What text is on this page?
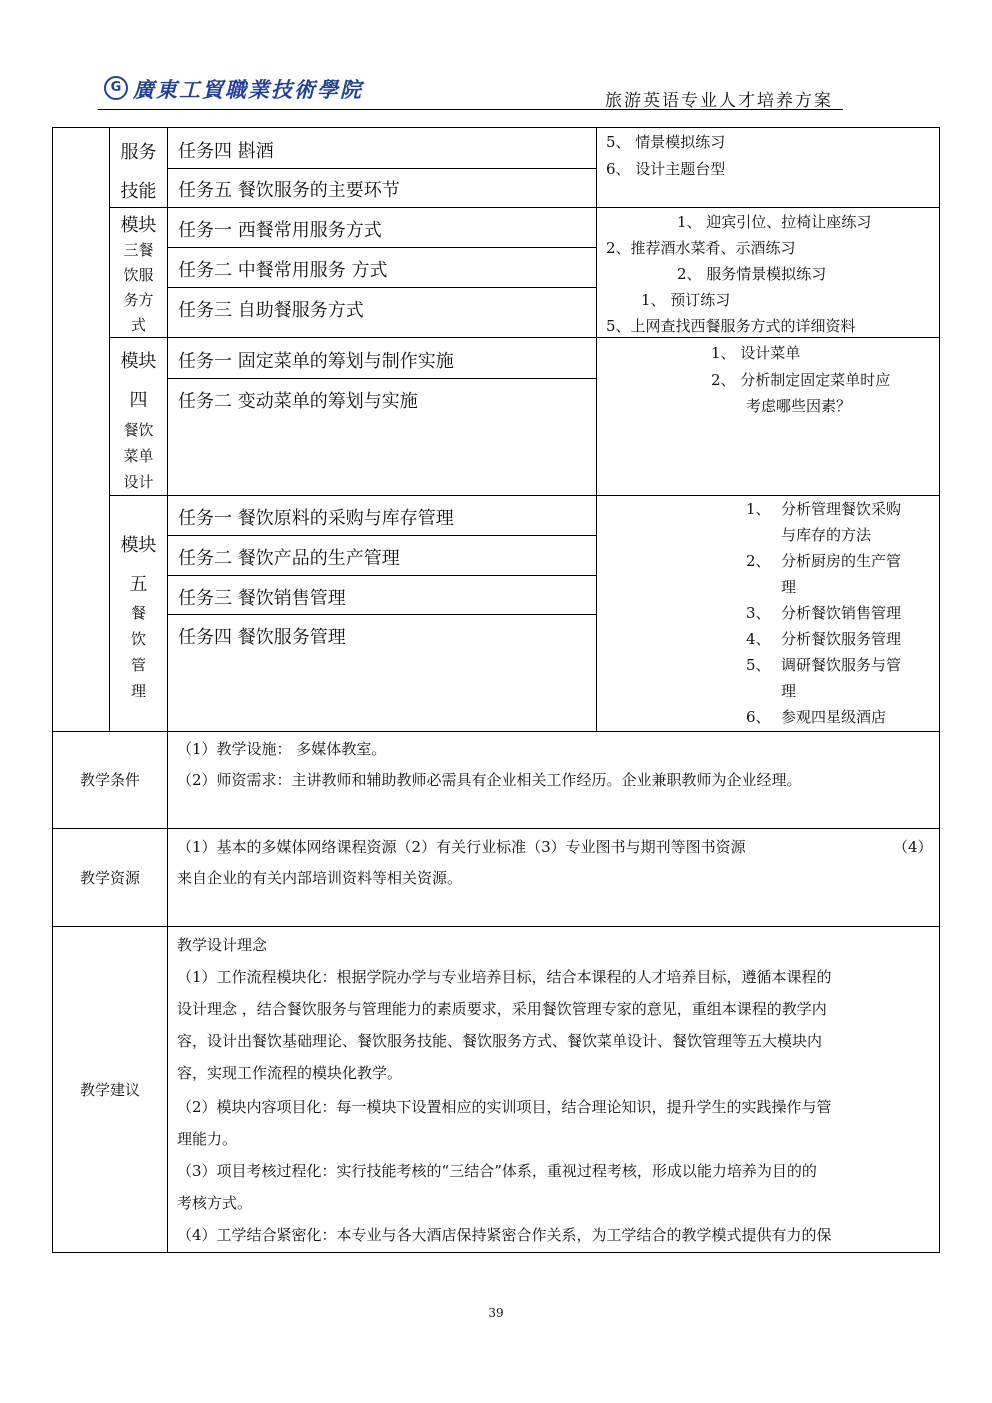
G 廣東工貿職業技術學院	旅游英语专业人才培养方案
服务
技能
任务四 斟酒
任务五 餐饮服务的主要环节
5、 情景模拟练习
6、 设计主题台型
模块
三餐
饮服
务方
式
任务一 西餐常用服务方式
任务二 中餐常用服务 方式
任务三 自助餐服务方式
1、 迎宾引位、拉椅让座练习
2、推荐酒水菜肴、示酒练习
2、 服务情景模拟练习
1、 预订练习
5、上网查找西餐服务方式的详细资料
模块
四
餐饮
菜单
设计
任务一 固定菜单的筹划与制作实施
任务二 变动菜单的筹划与实施
1、 设计菜单
2、 分析制定固定菜单时应
考虑哪些因素？
模块
五
餐
饮
管
理
任务一 餐饮原料的采购与库存管理
任务二 餐饮产品的生产管理
任务三 餐饮销售管理
任务四 餐饮服务管理
1、 分析管理餐饮采购
与库存的方法
2、 分析厨房的生产管
理
3、 分析餐饮销售管理
4、 分析餐饮服务管理
5、 调研餐饮服务与管
理
6、 参观四星级酒店
教学条件
（1）教学设施： 多媒体教室。
（2）师资需求：主讲教师和辅助教师必需具有企业相关工作经历。企业兼职教师为企业经理。
教学资源
（1）基本的多媒体网络课程资源（2）有关行业标准（3）专业图书与期刊等图书资源	（4）
来自企业的有关内部培训资料等相关资源。
教学建议
教学设计理念
（1）工作流程模块化：根据学院办学与专业培养目标，结合本课程的人才培养目标，遵循本课程的
设计理念 ，结合餐饮服务与管理能力的素质要求，采用餐饮管理专家的意见，重组本课程的教学内
容，设计出餐饮基础理论、餐饮服务技能、餐饮服务方式、餐饮菜单设计、餐饮管理等五大模块内
容，实现工作流程的模块化教学。
（2）模块内容项目化：每一模块下设置相应的实训项目，结合理论知识，提升学生的实践操作与管
理能力。
（3）项目考核过程化：实行技能考核的“三结合”体系，重视过程考核，形成以能力培养为目的的
考核方式。
（4）工学结合紧密化：本专业与各大酒店保持紧密合作关系，为工学结合的教学模式提供有力的保
39
